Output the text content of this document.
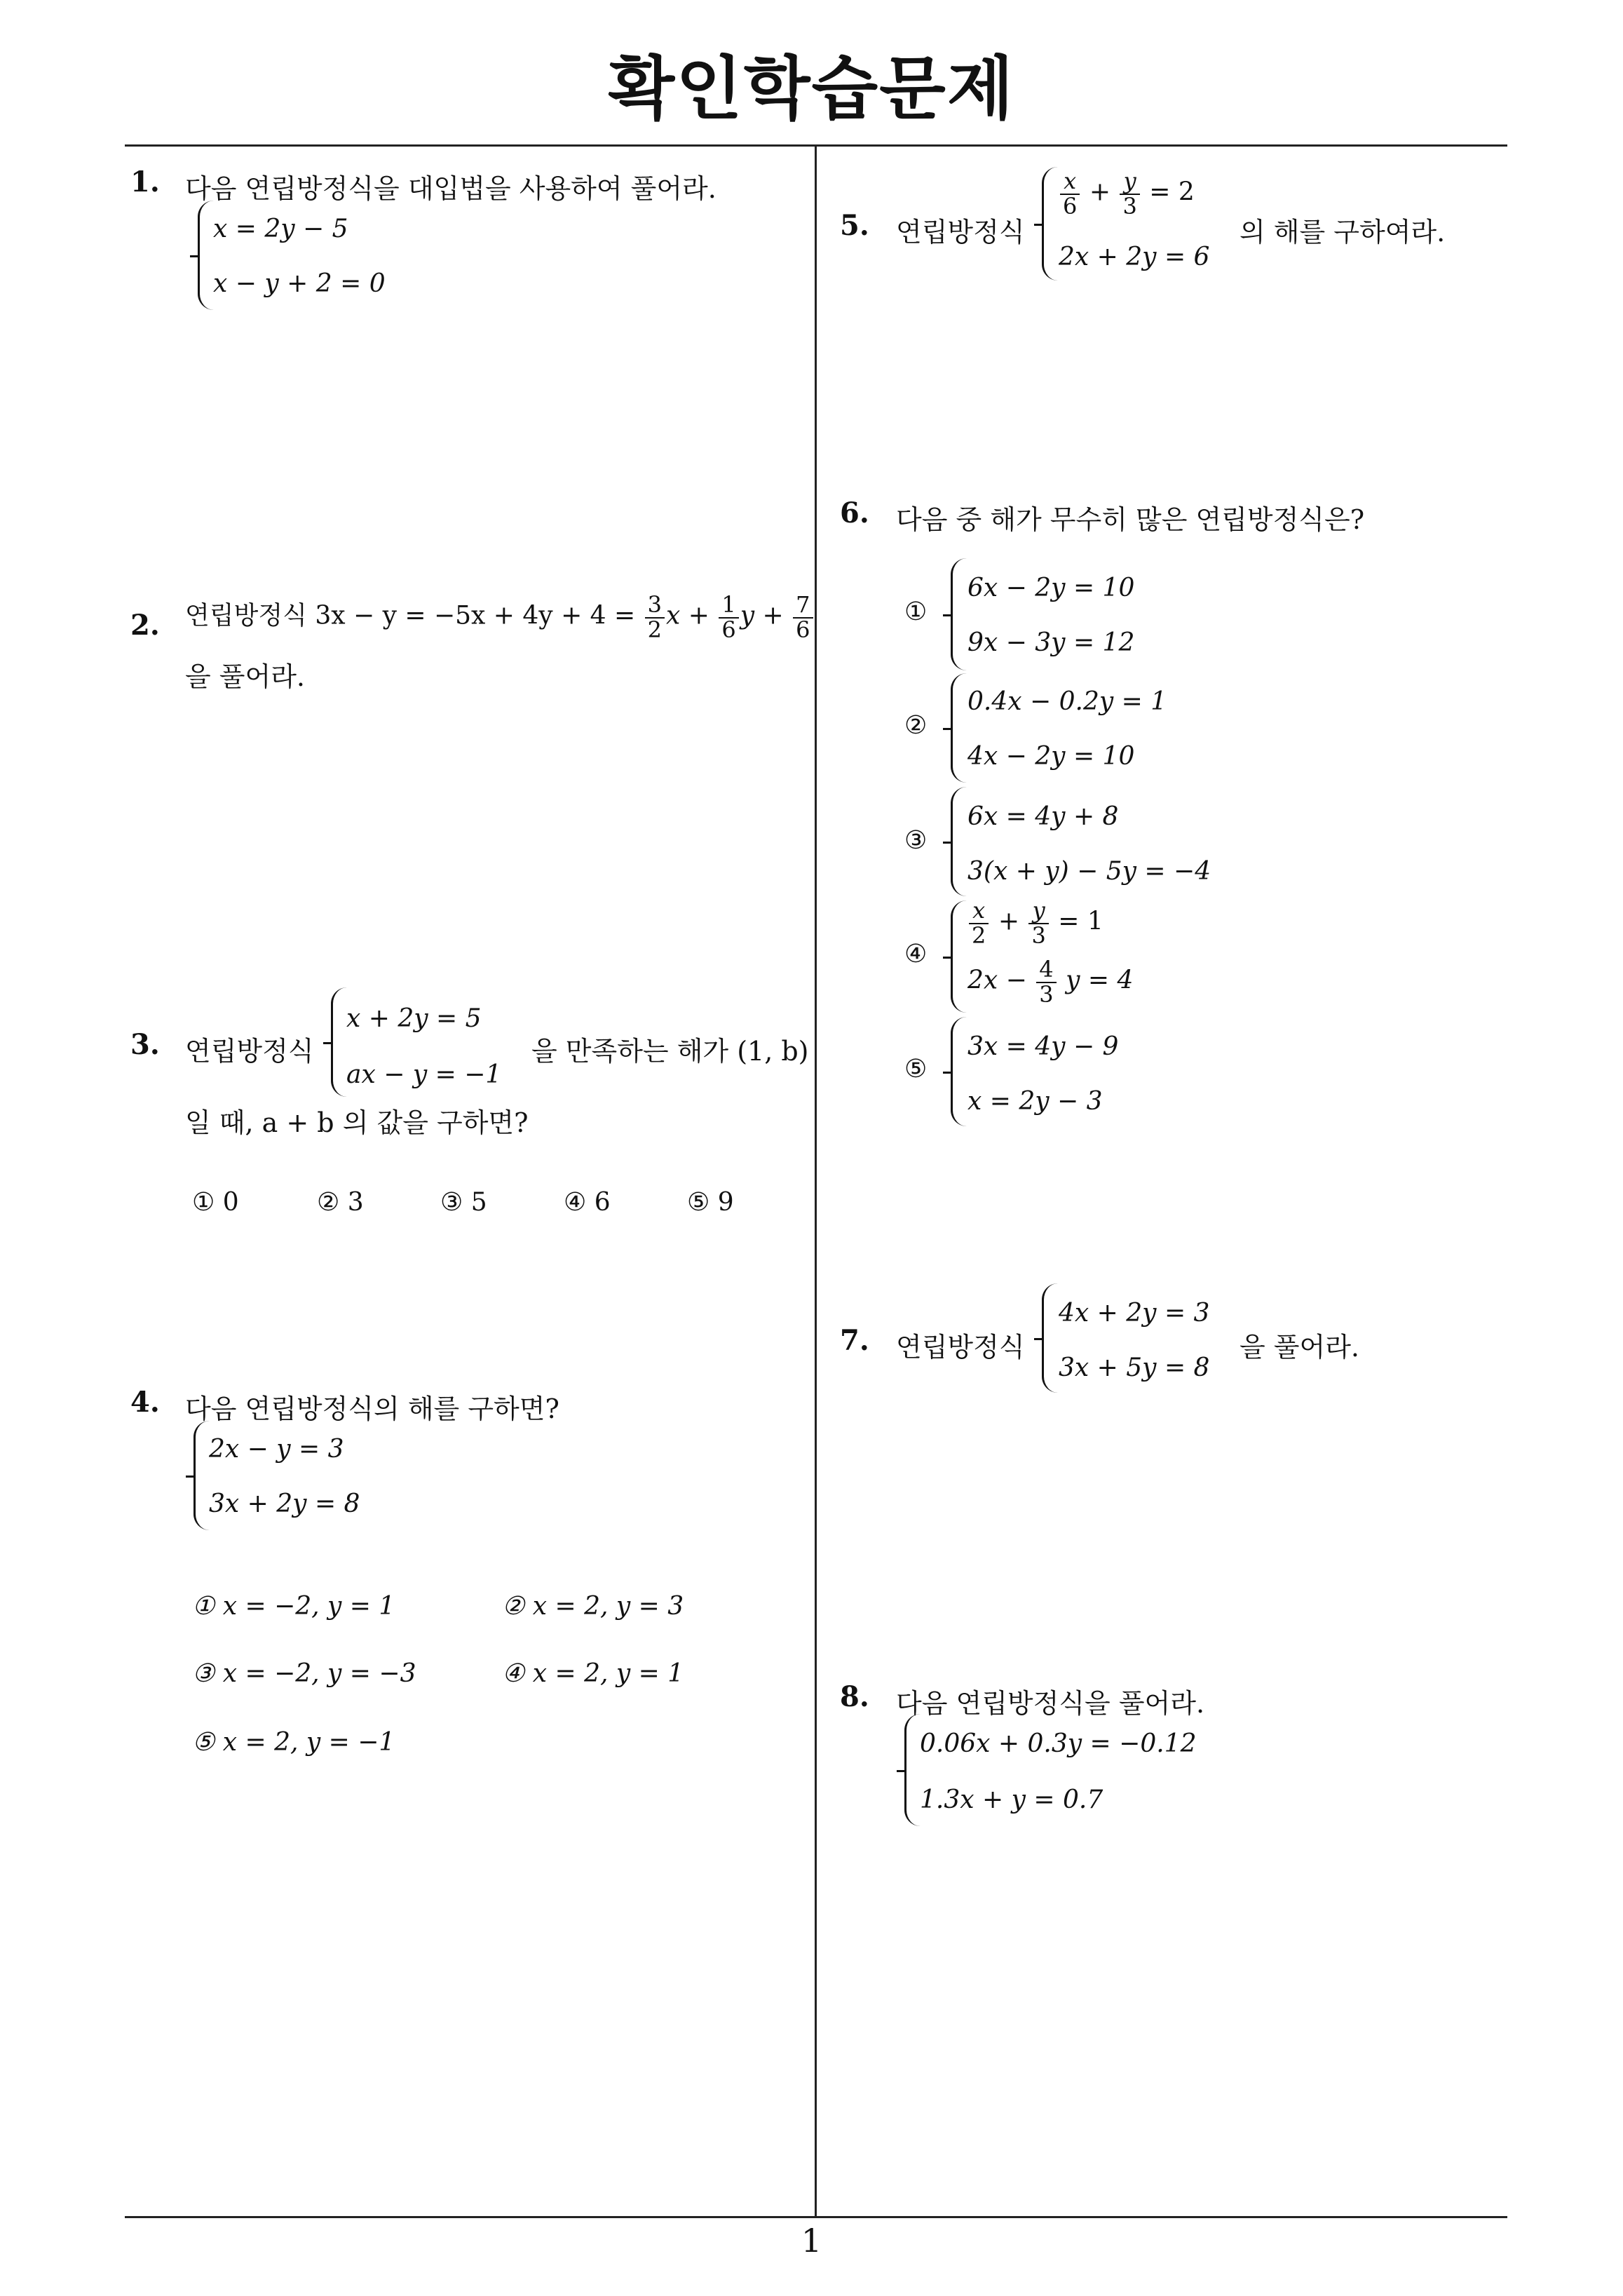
확인학습문제
1
1. 다음 연립방정식을 대입법을 사용하여 풀어라.
x = 2y − 5
x − y + 2 = 0
2. 연립방정식 $3x - y = -5x + 4y + 4 = \frac{3}{2}$ $x + \frac{1}{6}$ $y + \frac{7}{6}$
을 풀어라.
3. 연립방정식
x + 2y = 5
ax − y = −1
을 만족하는 해가 (1, b)
일 때, a + b 의 값을 구하면?
① 0	② 3	③ 5	④ 6	⑤ 9
4. 다음 연립방정식의 해를 구하면?
2x − y = 3
3x + 2y = 8
① x = −2, y = 1	② x = 2, y = 3
③ x = −2, y = −3	④ x = 2, y = 1
⑤ x = 2, y = −1
5. 연립방정식
$\frac{x}{6} + \frac{y}{3} = 2$
2x + 2y = 6
의 해를 구하여라.
6. 다음 중 해가 무수히 많은 연립방정식은?
①
6x − 2y = 10
9x − 3y = 12
②
0.4x − 0.2y = 1
4x − 2y = 10
③
6x = 4y + 8
3(x + y) − 5y = −4
④
$\frac{x}{2} + \frac{y}{3} = 1$
$2x - \frac{4}{3}$ y = 4
⑤
3x = 4y − 9
x = 2y − 3
7. 연립방정식
4x + 2y = 3
3x + 5y = 8
을 풀어라.
8. 다음 연립방정식을 풀어라.
0.06x + 0.3y = −0.12
1.3x + y = 0.7
